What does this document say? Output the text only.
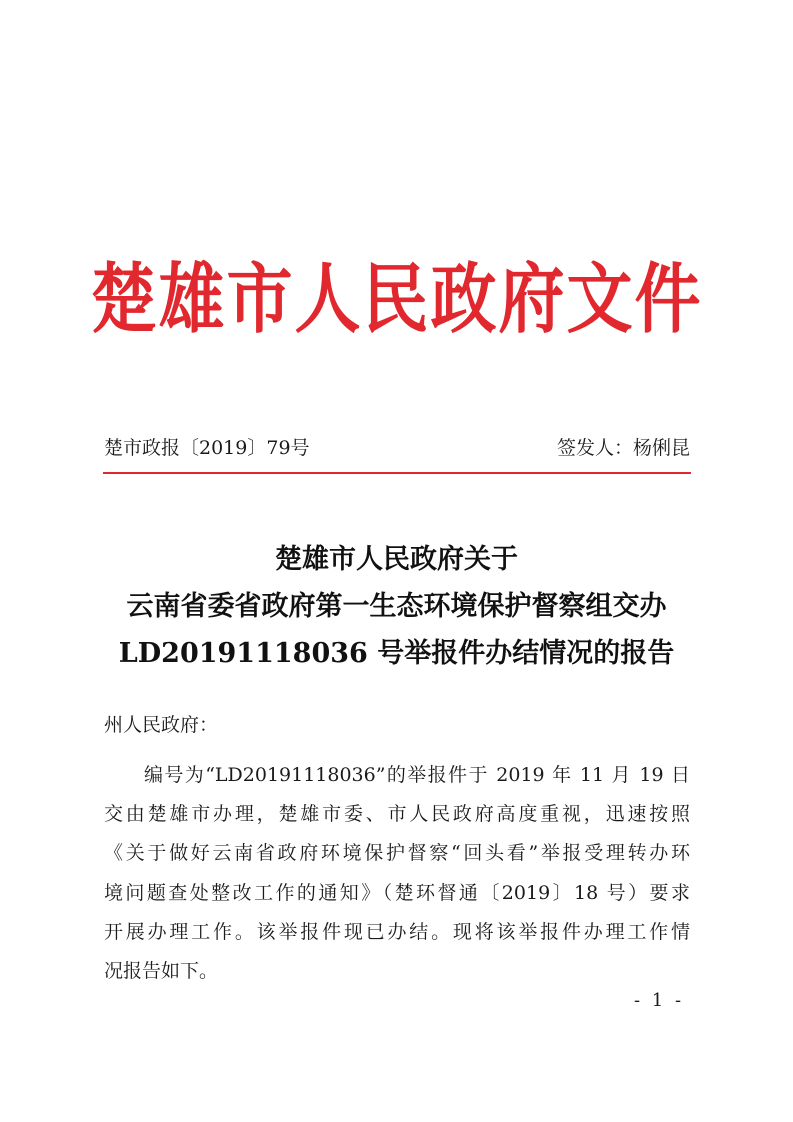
楚雄市人民政府文件
楚市政报〔2019〕79号	签发人：杨俐昆
楚雄市人民政府关于
云南省委省政府第一生态环境保护督察组交办
LD20191118036 号举报件办结情况的报告
州人民政府：
编号为“LD20191118036”的举报件于 2019 年 11 月 19 日
交由楚雄市办理，楚雄市委、市人民政府高度重视，迅速按照
《关于做好云南省政府环境保护督察“回头看”举报受理转办环
境问题查处整改工作的通知》（楚环督通〔2019〕18 号）要求
开展办理工作。该举报件现已办结。现将该举报件办理工作情
况报告如下。
- 1 -
